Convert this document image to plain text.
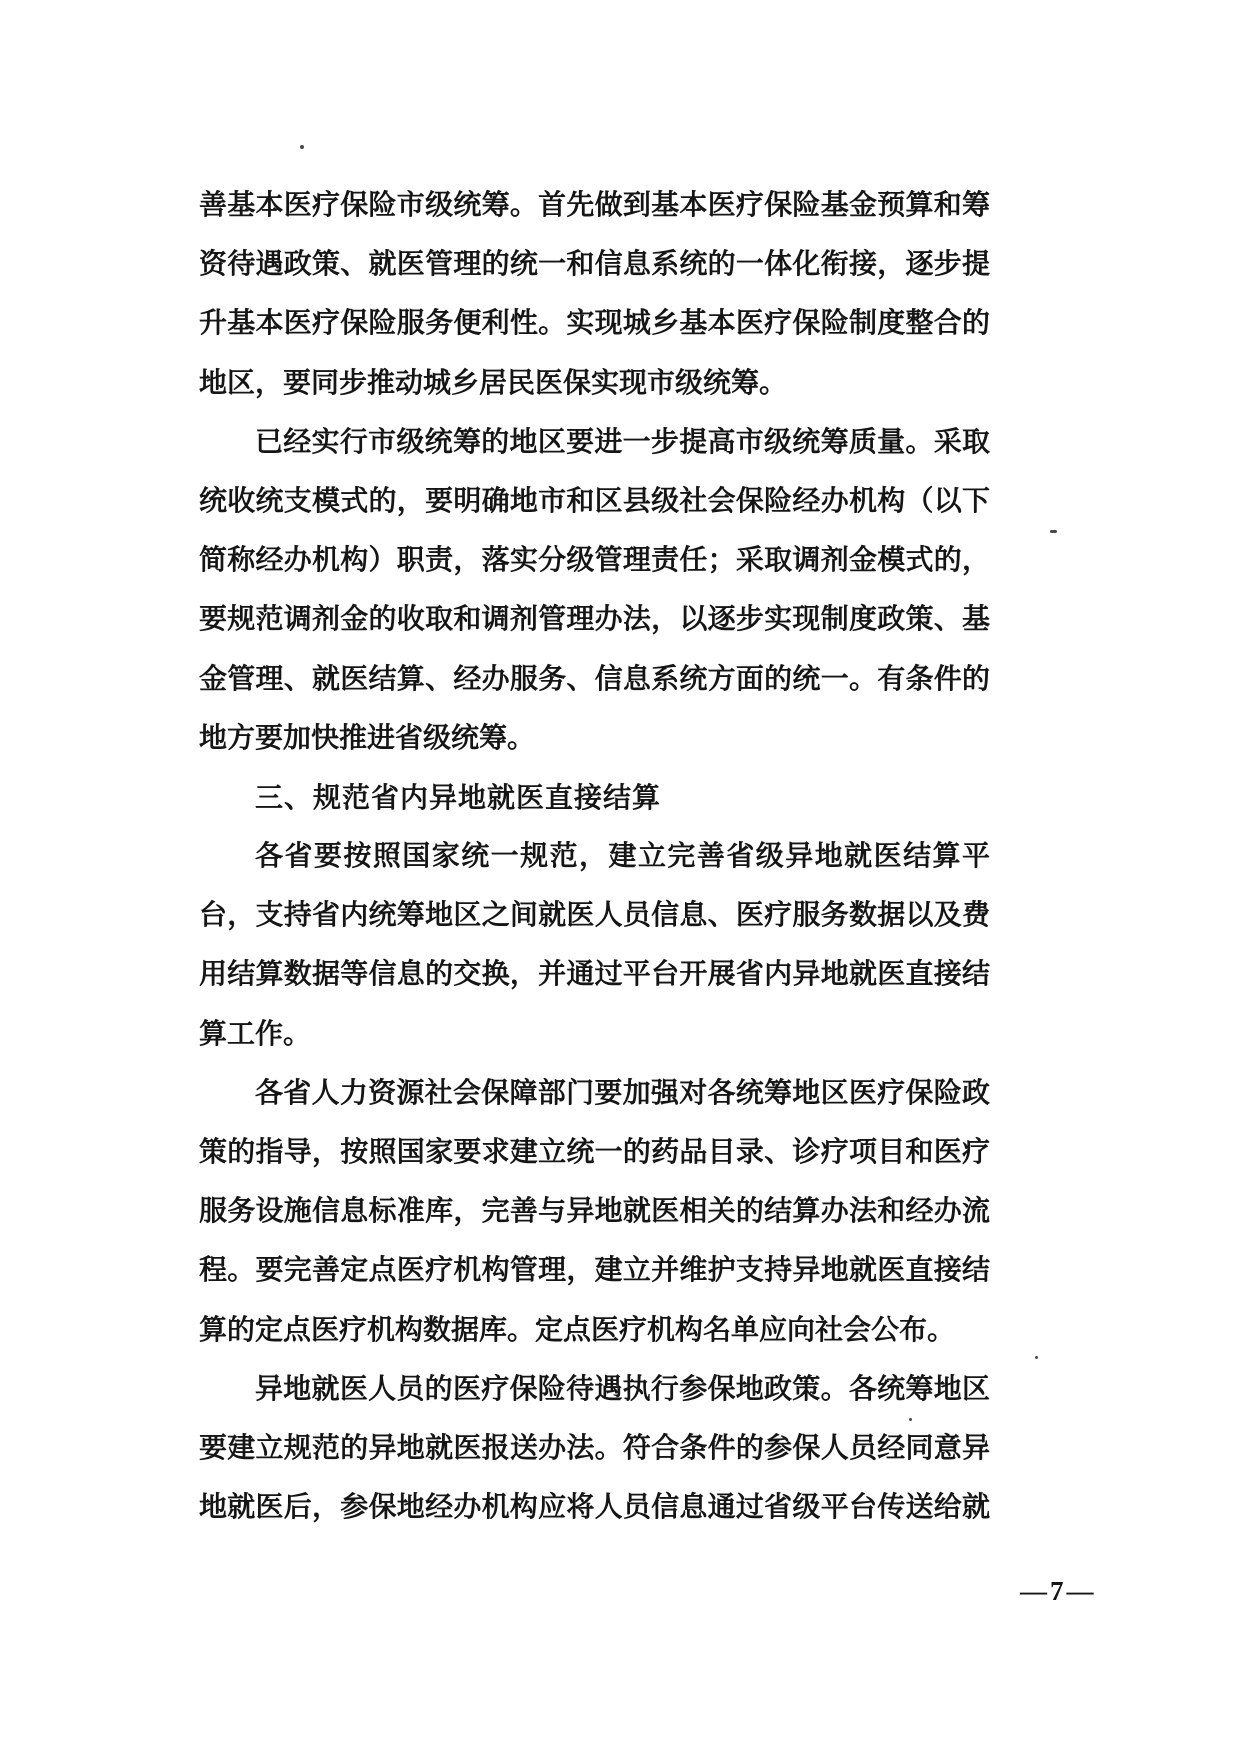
善基本医疗保险市级统筹。首先做到基本医疗保险基金预算和筹
资待遇政策、就医管理的统一和信息系统的一体化衔接，逐步提
升基本医疗保险服务便利性。实现城乡基本医疗保险制度整合的
地区，要同步推动城乡居民医保实现市级统筹。
已经实行市级统筹的地区要进一步提高市级统筹质量。采取
统收统支模式的，要明确地市和区县级社会保险经办机构（以下
简称经办机构）职责，落实分级管理责任；采取调剂金模式的，
要规范调剂金的收取和调剂管理办法，以逐步实现制度政策、基
金管理、就医结算、经办服务、信息系统方面的统一。有条件的
地方要加快推进省级统筹。
三、规范省内异地就医直接结算
各省要按照国家统一规范，建立完善省级异地就医结算平
台，支持省内统筹地区之间就医人员信息、医疗服务数据以及费
用结算数据等信息的交换，并通过平台开展省内异地就医直接结
算工作。
各省人力资源社会保障部门要加强对各统筹地区医疗保险政
策的指导，按照国家要求建立统一的药品目录、诊疗项目和医疗
服务设施信息标准库，完善与异地就医相关的结算办法和经办流
程。要完善定点医疗机构管理，建立并维护支持异地就医直接结
算的定点医疗机构数据库。定点医疗机构名单应向社会公布。
异地就医人员的医疗保险待遇执行参保地政策。各统筹地区
要建立规范的异地就医报送办法。符合条件的参保人员经同意异
地就医后，参保地经办机构应将人员信息通过省级平台传送给就
—7—
